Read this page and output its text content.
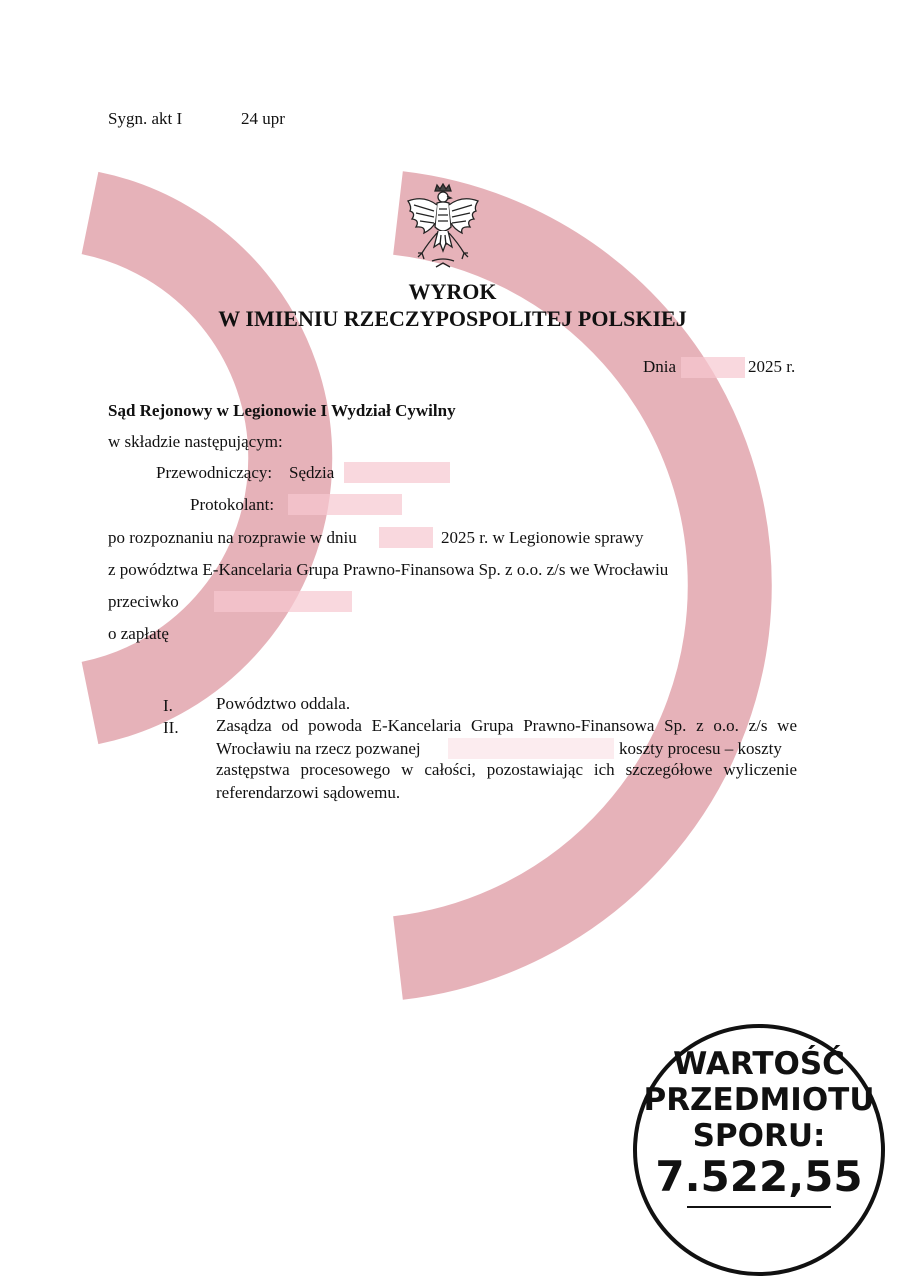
Sygn. akt I	24 upr
WYROK
W IMIENIU RZECZYPOSPOLITEJ POLSKIEJ
Dnia	2025 r.
Sąd Rejonowy w Legionowie I Wydział Cywilny
w składzie następującym:
Przewodniczący: Sędzia
Protokolant:
po rozpoznaniu na rozprawie w dniu	2025 r. w Legionowie sprawy
z powództwa E-Kancelaria Grupa Prawno-Finansowa Sp. z o.o. z/s we Wrocławiu
przeciwko
o zapłatę
I.	Powództwo oddala.
II. Zasądza od powoda E-Kancelaria Grupa Prawno-Finansowa Sp. z o.o. z/s we
Wrocławiu na rzecz pozwanej	koszty procesu – koszty
zastępstwa procesowego w całości, pozostawiając ich szczegółowe wyliczenie
referendarzowi sądowemu.
WARTOŚĆ
PRZEDMIOTU
SPORU:
7.522,55
